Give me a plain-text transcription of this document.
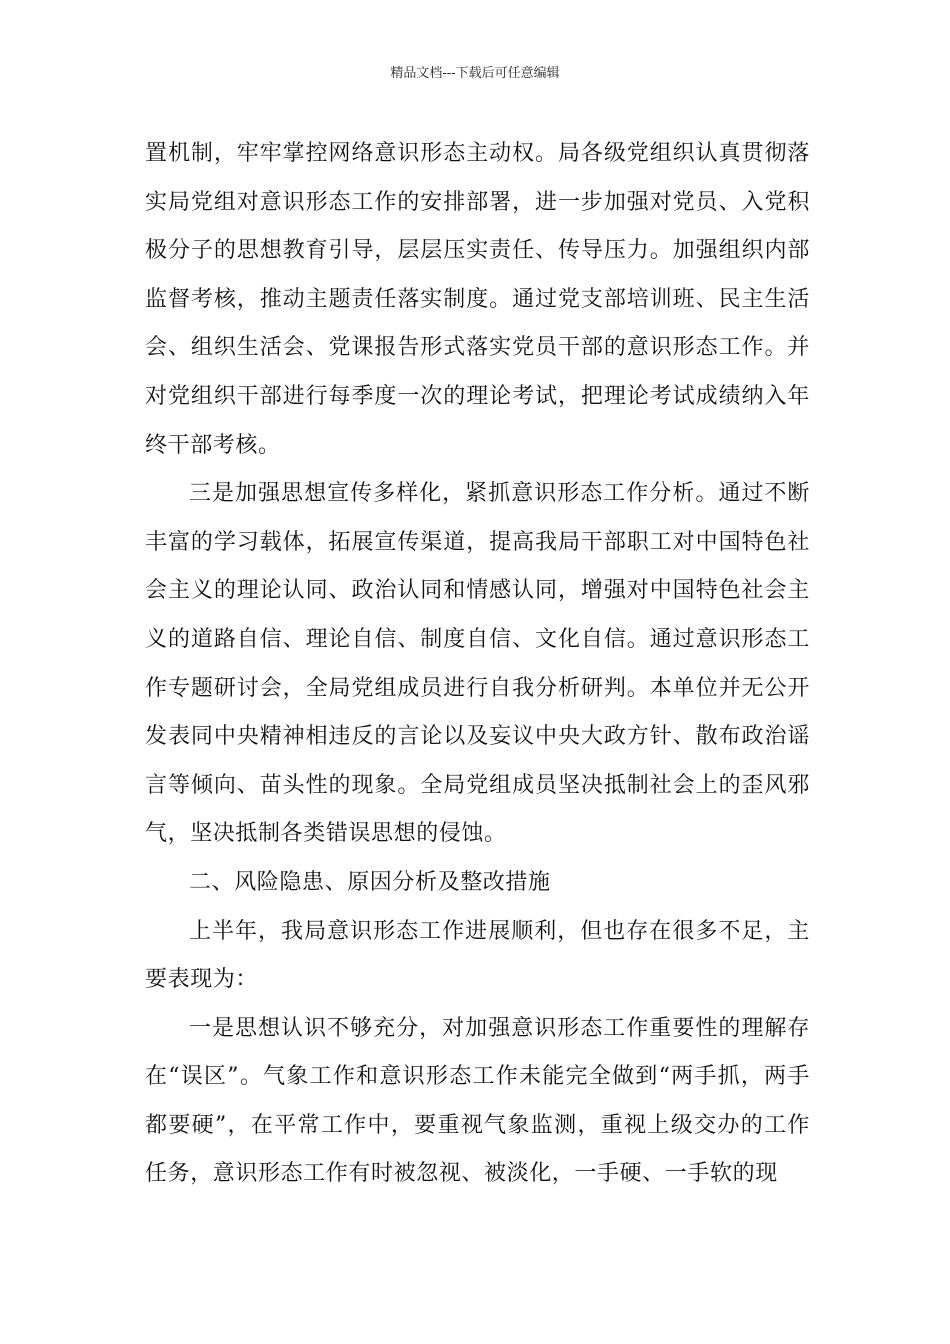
精品文档---下载后可任意编辑

置机制，牢牢掌控网络意识形态主动权。局各级党组织认真贯彻落实局党组对意识形态工作的安排部署，进一步加强对党员、入党积极分子的思想教育引导，层层压实责任、传导压力。加强组织内部监督考核，推动主题责任落实制度。通过党支部培训班、民主生活会、组织生活会、党课报告形式落实党员干部的意识形态工作。并对党组织干部进行每季度一次的理论考试，把理论考试成绩纳入年终干部考核。

三是加强思想宣传多样化，紧抓意识形态工作分析。通过不断丰富的学习载体，拓展宣传渠道，提高我局干部职工对中国特色社会主义的理论认同、政治认同和情感认同，增强对中国特色社会主义的道路自信、理论自信、制度自信、文化自信。通过意识形态工作专题研讨会，全局党组成员进行自我分析研判。本单位并无公开发表同中央精神相违反的言论以及妄议中央大政方针、散布政治谣言等倾向、苗头性的现象。全局党组成员坚决抵制社会上的歪风邪气，坚决抵制各类错误思想的侵蚀。

二、风险隐患、原因分析及整改措施

上半年，我局意识形态工作进展顺利，但也存在很多不足，主要表现为：

一是思想认识不够充分，对加强意识形态工作重要性的理解存在“误区”。气象工作和意识形态工作未能完全做到“两手抓，两手都要硬”，在平常工作中，要重视气象监测，重视上级交办的工作任务，意识形态工作有时被忽视、被淡化，一手硬、一手软的现
